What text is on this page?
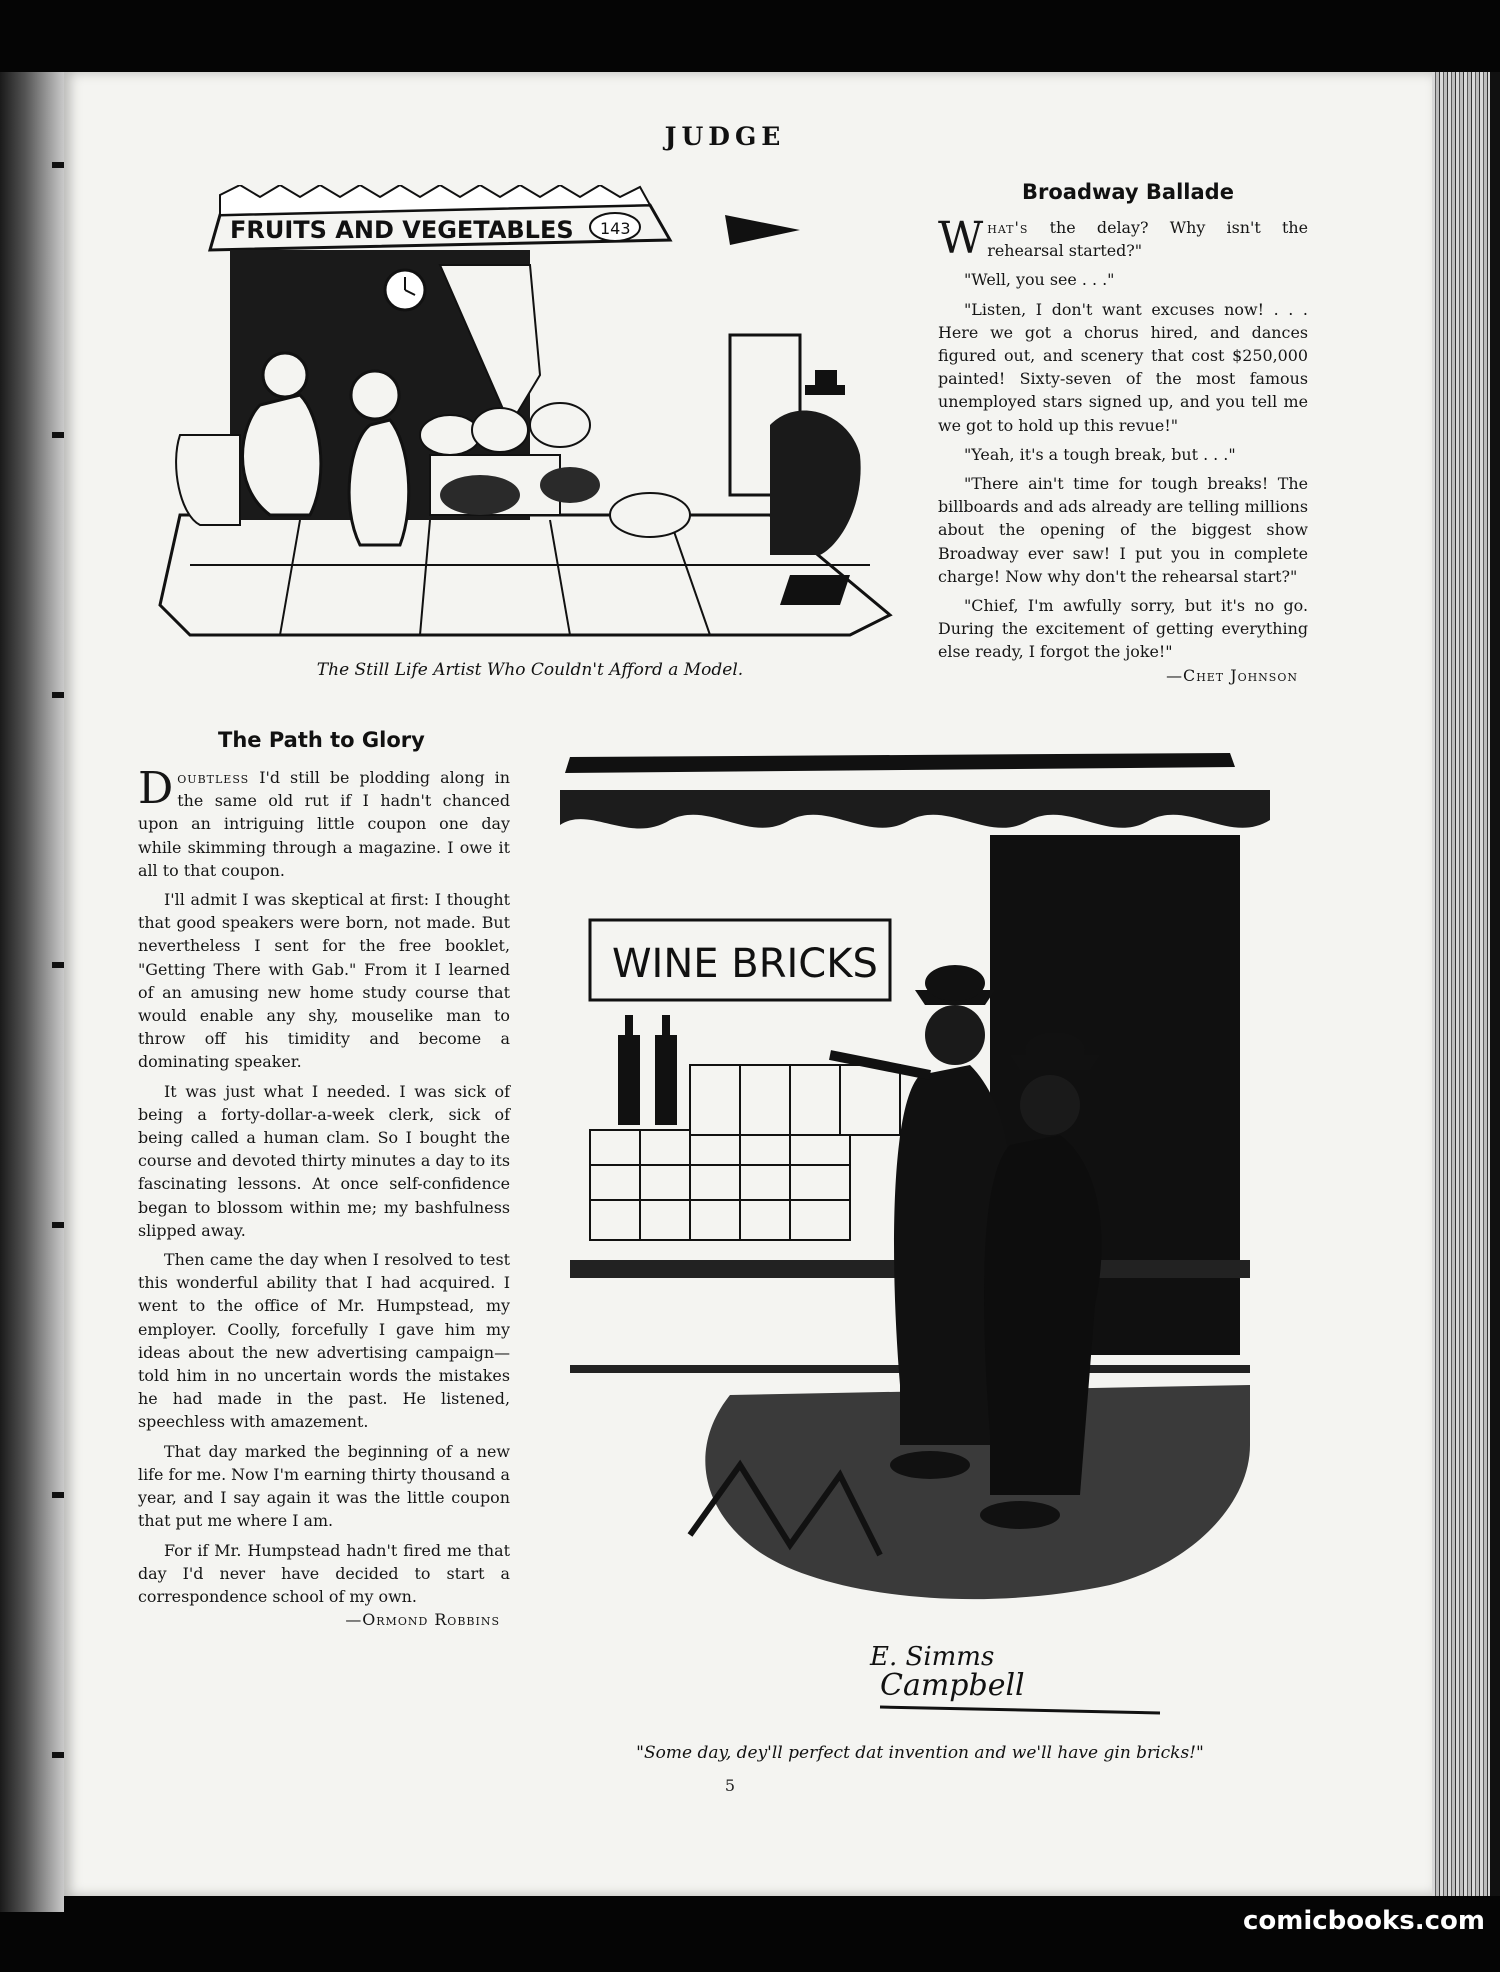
JUDGE
FRUITS AND VEGETABLES 143
The Still Life Artist Who Couldn't Afford a Model.
Broadway Ballade

What's the delay? Why isn't the rehearsal started?"

"Well, you see . . ."

"Listen, I don't want excuses now! . . . Here we got a chorus hired, and dances figured out, and scenery that cost $250,000 painted! Sixty-seven of the most famous unemployed stars signed up, and you tell me we got to hold up this revue!"

"Yeah, it's a tough break, but . . ."

"There ain't time for tough breaks! The billboards and ads already are telling millions about the opening of the biggest show Broadway ever saw! I put you in complete charge! Now why don't the rehearsal start?"

"Chief, I'm awfully sorry, but it's no go. During the excitement of getting everything else ready, I forgot the joke!"
—Chet Johnson

The Path to Glory

Doubtless I'd still be plodding along in the same old rut if I hadn't chanced upon an intriguing little coupon one day while skimming through a magazine. I owe it all to that coupon.

I'll admit I was skeptical at first: I thought that good speakers were born, not made. But nevertheless I sent for the free booklet, "Getting There with Gab." From it I learned of an amusing new home study course that would enable any shy, mouselike man to throw off his timidity and become a dominating speaker.

It was just what I needed. I was sick of being a forty-dollar-a-week clerk, sick of being called a human clam. So I bought the course and devoted thirty minutes a day to its fascinating lessons. At once self-confidence began to blossom within me; my bashfulness slipped away.

Then came the day when I resolved to test this wonderful ability that I had acquired. I went to the office of Mr. Humpstead, my employer. Coolly, forcefully I gave him my ideas about the new advertising campaign—told him in no uncertain words the mistakes he had made in the past. He listened, speechless with amazement.

That day marked the beginning of a new life for me. Now I'm earning thirty thousand a year, and I say again it was the little coupon that put me where I am.

For if Mr. Humpstead hadn't fired me that day I'd never have decided to start a correspondence school of my own.
—Ormond Robbins

WINE BRICKS
E. Simms
Campbell
"Some day, dey'll perfect dat invention and we'll have gin bricks!"
5
comicbooks.com
